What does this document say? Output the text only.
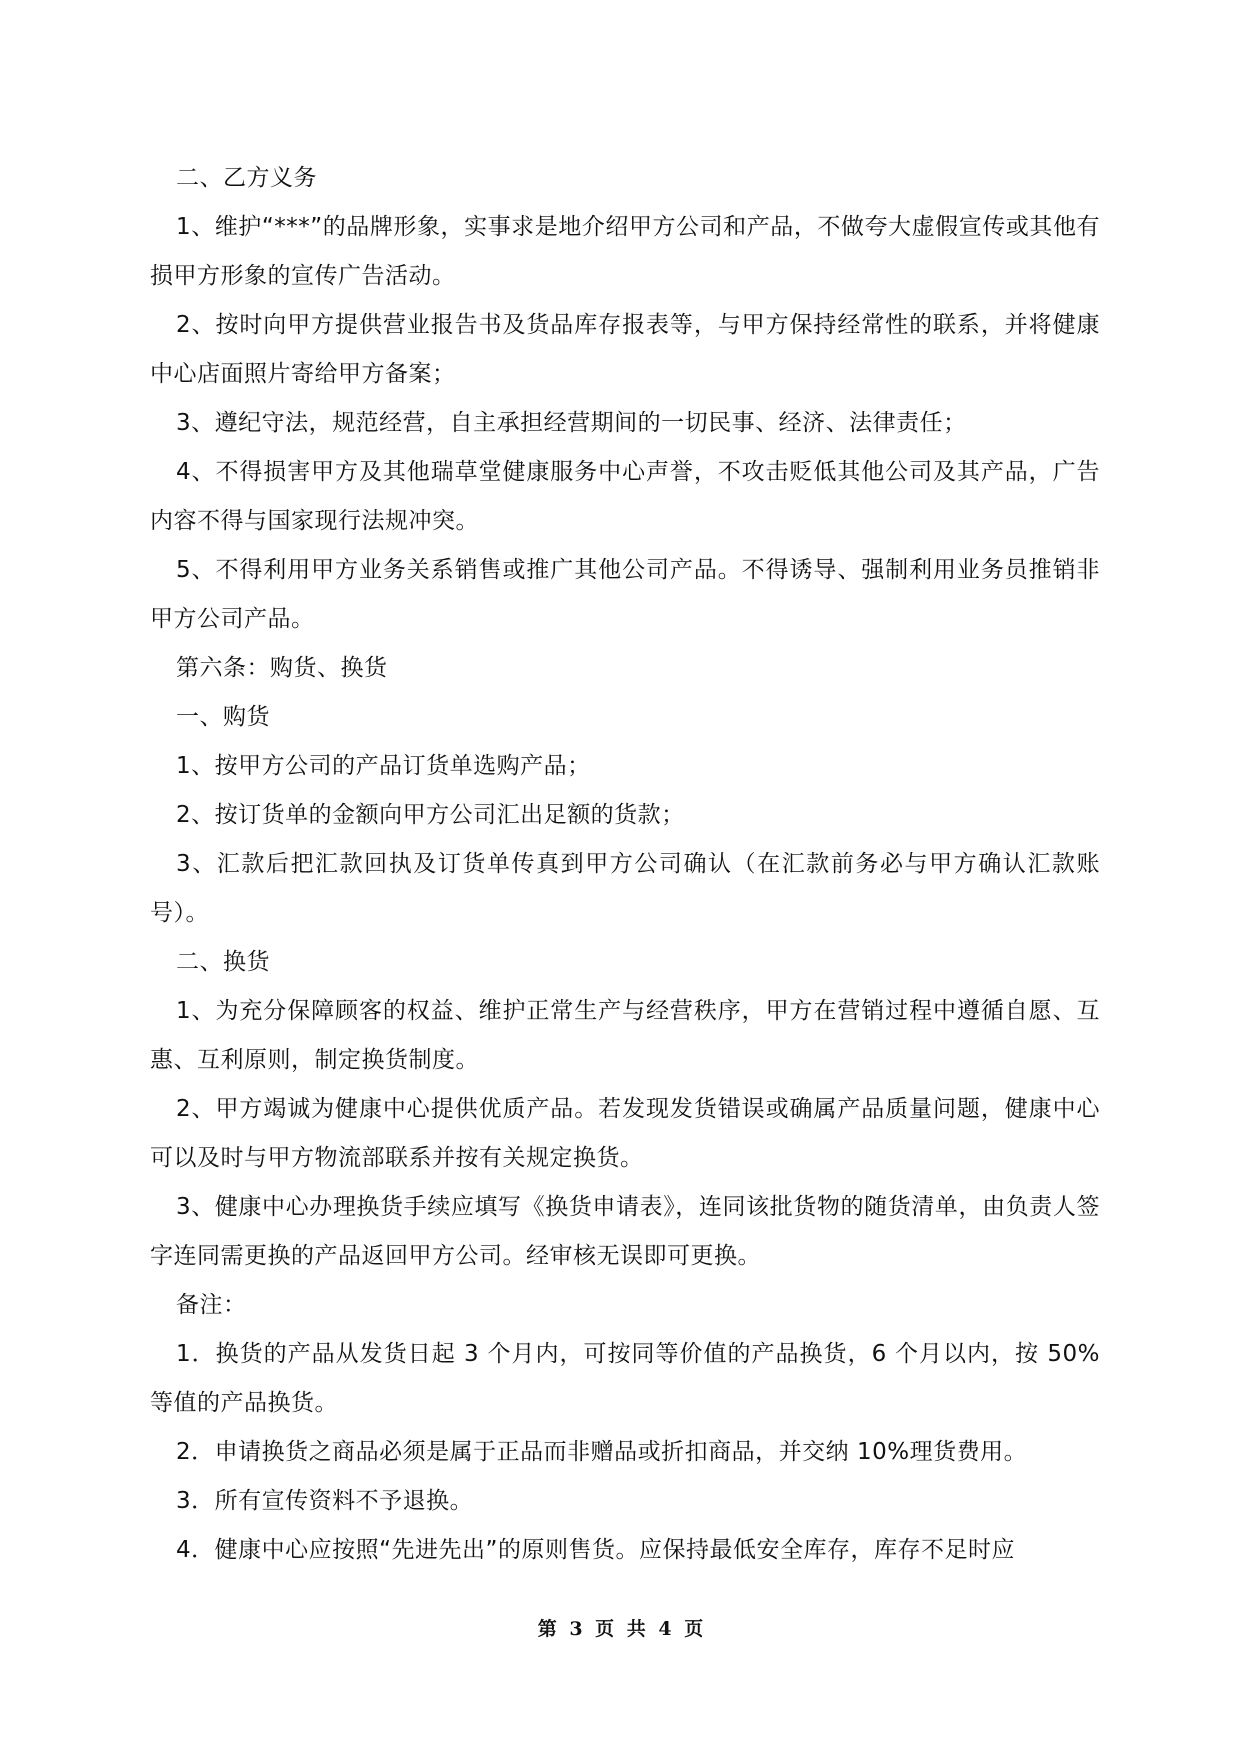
二、乙方义务

1、维护“***”的品牌形象，实事求是地介绍甲方公司和产品，不做夸大虚假宣传或其他有损甲方形象的宣传广告活动。

2、按时向甲方提供营业报告书及货品库存报表等，与甲方保持经常性的联系，并将健康中心店面照片寄给甲方备案；

3、遵纪守法，规范经营，自主承担经营期间的一切民事、经济、法律责任；

4、不得损害甲方及其他瑞草堂健康服务中心声誉，不攻击贬低其他公司及其产品，广告内容不得与国家现行法规冲突。

5、不得利用甲方业务关系销售或推广其他公司产品。不得诱导、强制利用业务员推销非甲方公司产品。

第六条：购货、换货

一、购货

1、按甲方公司的产品订货单选购产品；

2、按订货单的金额向甲方公司汇出足额的货款；

3、汇款后把汇款回执及订货单传真到甲方公司确认（在汇款前务必与甲方确认汇款账号）。

二、换货

1、为充分保障顾客的权益、维护正常生产与经营秩序，甲方在营销过程中遵循自愿、互惠、互利原则，制定换货制度。

2、甲方竭诚为健康中心提供优质产品。若发现发货错误或确属产品质量问题，健康中心可以及时与甲方物流部联系并按有关规定换货。

3、健康中心办理换货手续应填写《换货申请表》，连同该批货物的随货清单，由负责人签字连同需更换的产品返回甲方公司。经审核无误即可更换。

备注：

1．换货的产品从发货日起 3 个月内，可按同等价值的产品换货，6 个月以内，按 50%等值的产品换货。

2．申请换货之商品必须是属于正品而非赠品或折扣商品，并交纳 10%理货费用。

3．所有宣传资料不予退换。

4．健康中心应按照“先进先出”的原则售货。应保持最低安全库存，库存不足时应

第 3 页 共 4 页
